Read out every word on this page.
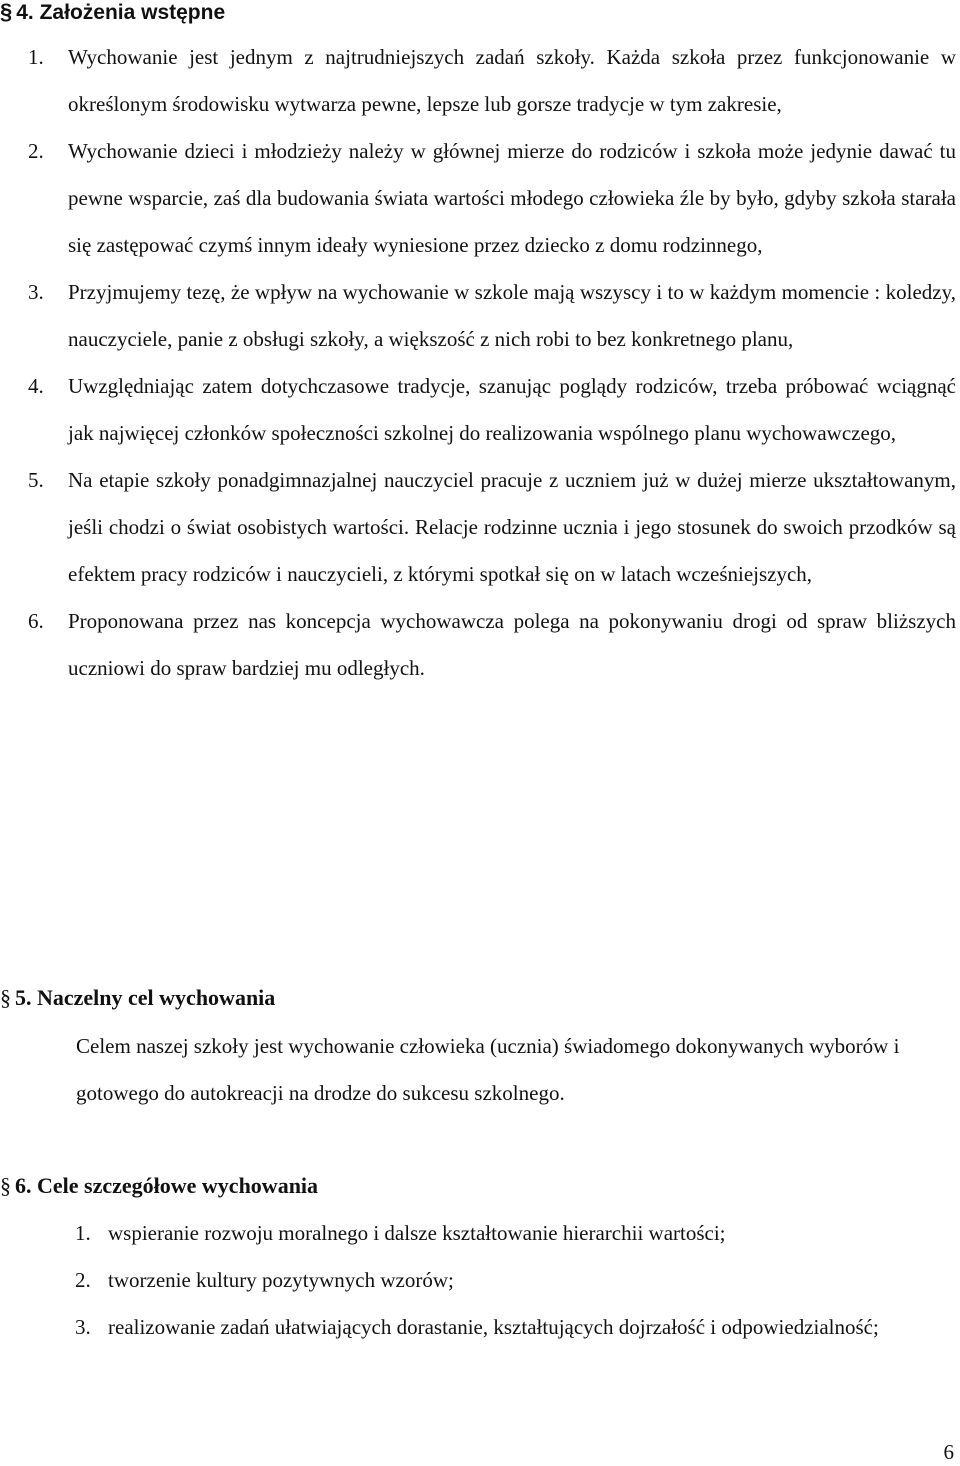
§ 4. Założenia wstępne
1. Wychowanie jest jednym z najtrudniejszych zadań szkoły. Każda szkoła przez funkcjonowanie w określonym środowisku wytwarza pewne, lepsze lub gorsze tradycje w tym zakresie,
2. Wychowanie dzieci i młodzieży należy w głównej mierze do rodziców i szkoła może jedynie dawać tu pewne wsparcie, zaś dla budowania świata wartości młodego człowieka źle by było, gdyby szkoła starała się zastępować czymś innym ideały wyniesione przez dziecko z domu rodzinnego,
3. Przyjmujemy tezę, że wpływ na wychowanie w szkole mają wszyscy i to w każdym momencie : koledzy, nauczyciele, panie z obsługi szkoły, a większość z nich robi to bez konkretnego planu,
4. Uwzględniając zatem dotychczasowe tradycje, szanując poglądy rodziców, trzeba próbować wciągnąć jak najwięcej członków społeczności szkolnej do realizowania wspólnego planu wychowawczego,
5. Na etapie szkoły ponadgimnazjalnej nauczyciel pracuje z uczniem już w dużej mierze ukształtowanym, jeśli chodzi o świat osobistych wartości. Relacje rodzinne ucznia i jego stosunek do swoich przodków są efektem pracy rodziców i nauczycieli, z którymi spotkał się on w latach wcześniejszych,
6. Proponowana przez nas koncepcja wychowawcza polega na pokonywaniu drogi od spraw bliższych uczniowi do spraw bardziej mu odległych.
§ 5. Naczelny cel wychowania

Celem naszej szkoły jest wychowanie człowieka (ucznia) świadomego dokonywanych wyborów i gotowego do autokreacji na drodze do sukcesu szkolnego.

§ 6. Cele szczegółowe wychowania
1. wspieranie rozwoju moralnego i dalsze kształtowanie hierarchii wartości;
2. tworzenie kultury pozytywnych wzorów;
3. realizowanie zadań ułatwiających dorastanie, kształtujących dojrzałość i odpowiedzialność;
6
